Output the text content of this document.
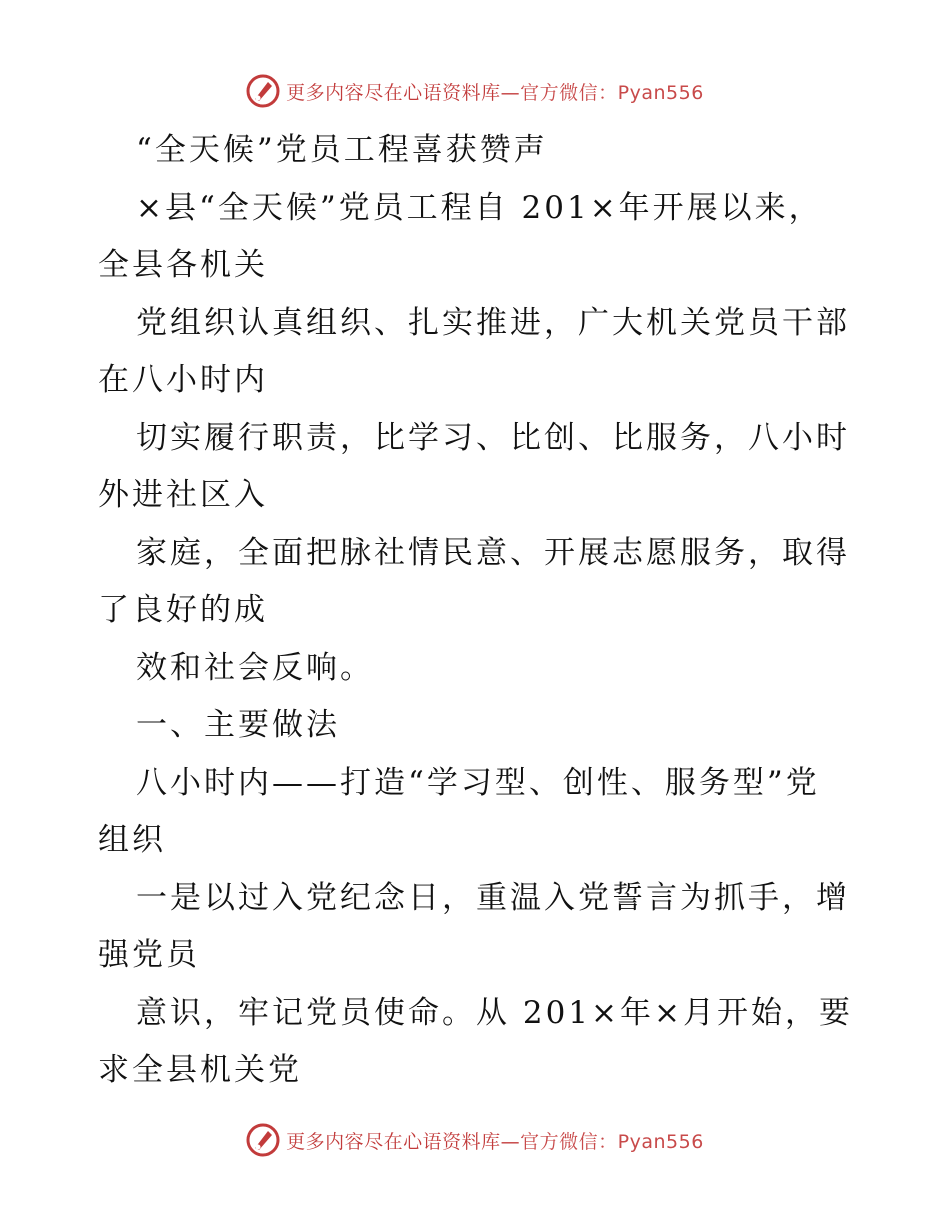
更多内容尽在心语资料库—官方微信：Pyan556
“全天候”党员工程喜获赞声
×县“全天候”党员工程自 201×年开展以来，
全县各机关
党组织认真组织、扎实推进，广大机关党员干部
在八小时内
切实履行职责，比学习、比创、比服务，八小时
外进社区入
家庭，全面把脉社情民意、开展志愿服务，取得
了良好的成
效和社会反响。
一、主要做法
八小时内——打造“学习型、创性、服务型”党
组织
一是以过入党纪念日，重温入党誓言为抓手，增
强党员
意识，牢记党员使命。从 201×年×月开始，要
求全县机关党
更多内容尽在心语资料库—官方微信：Pyan556
